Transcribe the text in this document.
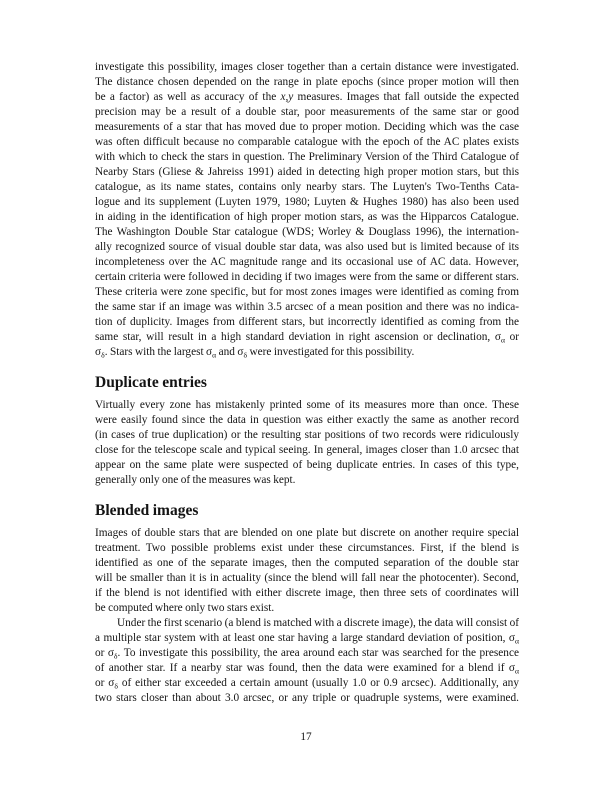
investigate this possibility, images closer together than a certain distance were investigated.
The distance chosen depended on the range in plate epochs (since proper motion will then
be a factor) as well as accuracy of the x,y measures. Images that fall outside the expected
precision may be a result of a double star, poor measurements of the same star or good
measurements of a star that has moved due to proper motion. Deciding which was the case
was often difficult because no comparable catalogue with the epoch of the AC plates exists
with which to check the stars in question. The Preliminary Version of the Third Catalogue of
Nearby Stars (Gliese & Jahreiss 1991) aided in detecting high proper motion stars, but this
catalogue, as its name states, contains only nearby stars. The Luyten's Two-Tenths Cata-
logue and its supplement (Luyten 1979, 1980; Luyten & Hughes 1980) has also been used
in aiding in the identification of high proper motion stars, as was the Hipparcos Catalogue.
The Washington Double Star catalogue (WDS; Worley & Douglass 1996), the internation-
ally recognized source of visual double star data, was also used but is limited because of its
incompleteness over the AC magnitude range and its occasional use of AC data. However,
certain criteria were followed in deciding if two images were from the same or different stars.
These criteria were zone specific, but for most zones images were identified as coming from
the same star if an image was within 3.5 arcsec of a mean position and there was no indica-
tion of duplicity. Images from different stars, but incorrectly identified as coming from the
same star, will result in a high standard deviation in right ascension or declination, $\sigma_\alpha$ or
$\sigma_\delta$. Stars with the largest $\sigma_\alpha$ and $\sigma_\delta$ were investigated for this possibility.
Duplicate entries
Virtually every zone has mistakenly printed some of its measures more than once. These
were easily found since the data in question was either exactly the same as another record
(in cases of true duplication) or the resulting star positions of two records were ridiculously
close for the telescope scale and typical seeing. In general, images closer than 1.0 arcsec that
appear on the same plate were suspected of being duplicate entries. In cases of this type,
generally only one of the measures was kept.
Blended images
Images of double stars that are blended on one plate but discrete on another require special
treatment. Two possible problems exist under these circumstances. First, if the blend is
identified as one of the separate images, then the computed separation of the double star
will be smaller than it is in actuality (since the blend will fall near the photocenter). Second,
if the blend is not identified with either discrete image, then three sets of coordinates will
be computed where only two stars exist.
Under the first scenario (a blend is matched with a discrete image), the data will consist of
a multiple star system with at least one star having a large standard deviation of position, $\sigma_\alpha$
or $\sigma_\delta$. To investigate this possibility, the area around each star was searched for the presence
of another star. If a nearby star was found, then the data were examined for a blend if $\sigma_\alpha$
or $\sigma_\delta$ of either star exceeded a certain amount (usually 1.0 or 0.9 arcsec). Additionally, any
two stars closer than about 3.0 arcsec, or any triple or quadruple systems, were examined.
17
